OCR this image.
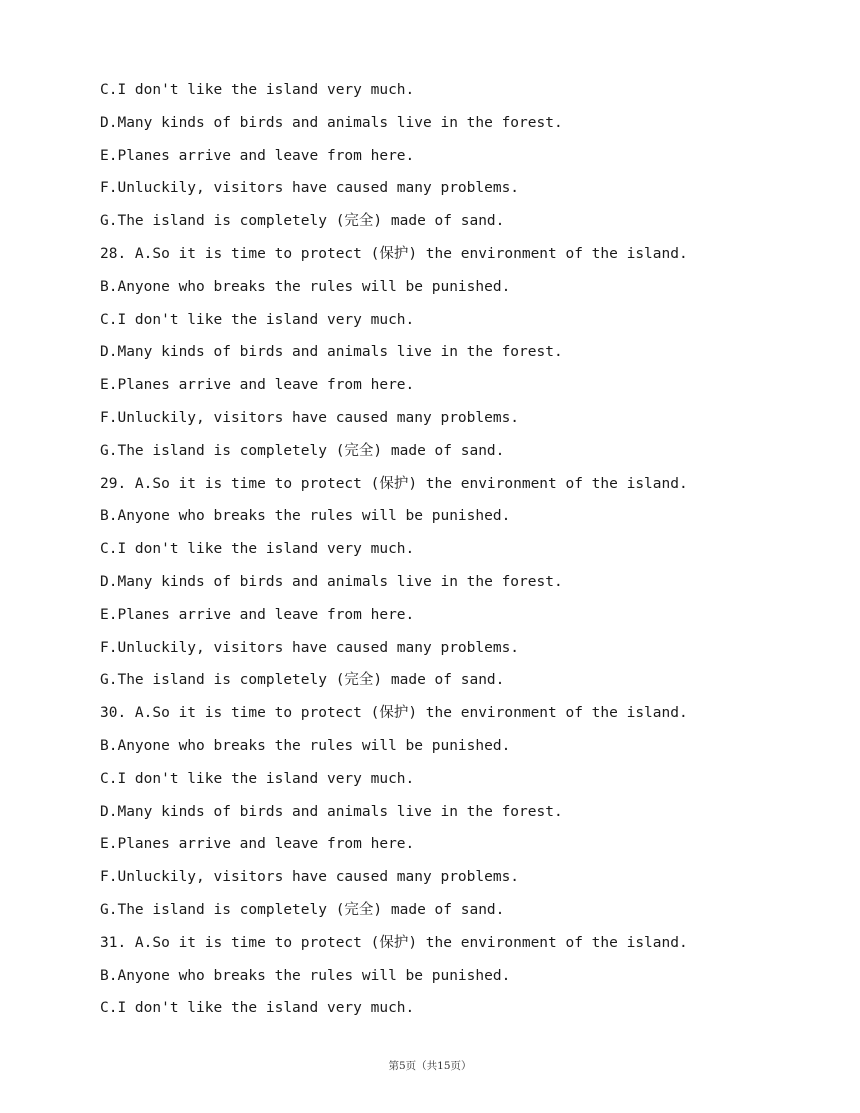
C.I don't like the island very much.
D.Many kinds of birds and animals live in the forest.
E.Planes arrive and leave from here.
F.Unluckily, visitors have caused many problems.
G.The island is completely (完全) made of sand.
28. A.So it is time to protect (保护) the environment of the island.
B.Anyone who breaks the rules will be punished.
C.I don't like the island very much.
D.Many kinds of birds and animals live in the forest.
E.Planes arrive and leave from here.
F.Unluckily, visitors have caused many problems.
G.The island is completely (完全) made of sand.
29. A.So it is time to protect (保护) the environment of the island.
B.Anyone who breaks the rules will be punished.
C.I don't like the island very much.
D.Many kinds of birds and animals live in the forest.
E.Planes arrive and leave from here.
F.Unluckily, visitors have caused many problems.
G.The island is completely (完全) made of sand.
30. A.So it is time to protect (保护) the environment of the island.
B.Anyone who breaks the rules will be punished.
C.I don't like the island very much.
D.Many kinds of birds and animals live in the forest.
E.Planes arrive and leave from here.
F.Unluckily, visitors have caused many problems.
G.The island is completely (完全) made of sand.
31. A.So it is time to protect (保护) the environment of the island.
B.Anyone who breaks the rules will be punished.
C.I don't like the island very much.
第5页（共15页）
